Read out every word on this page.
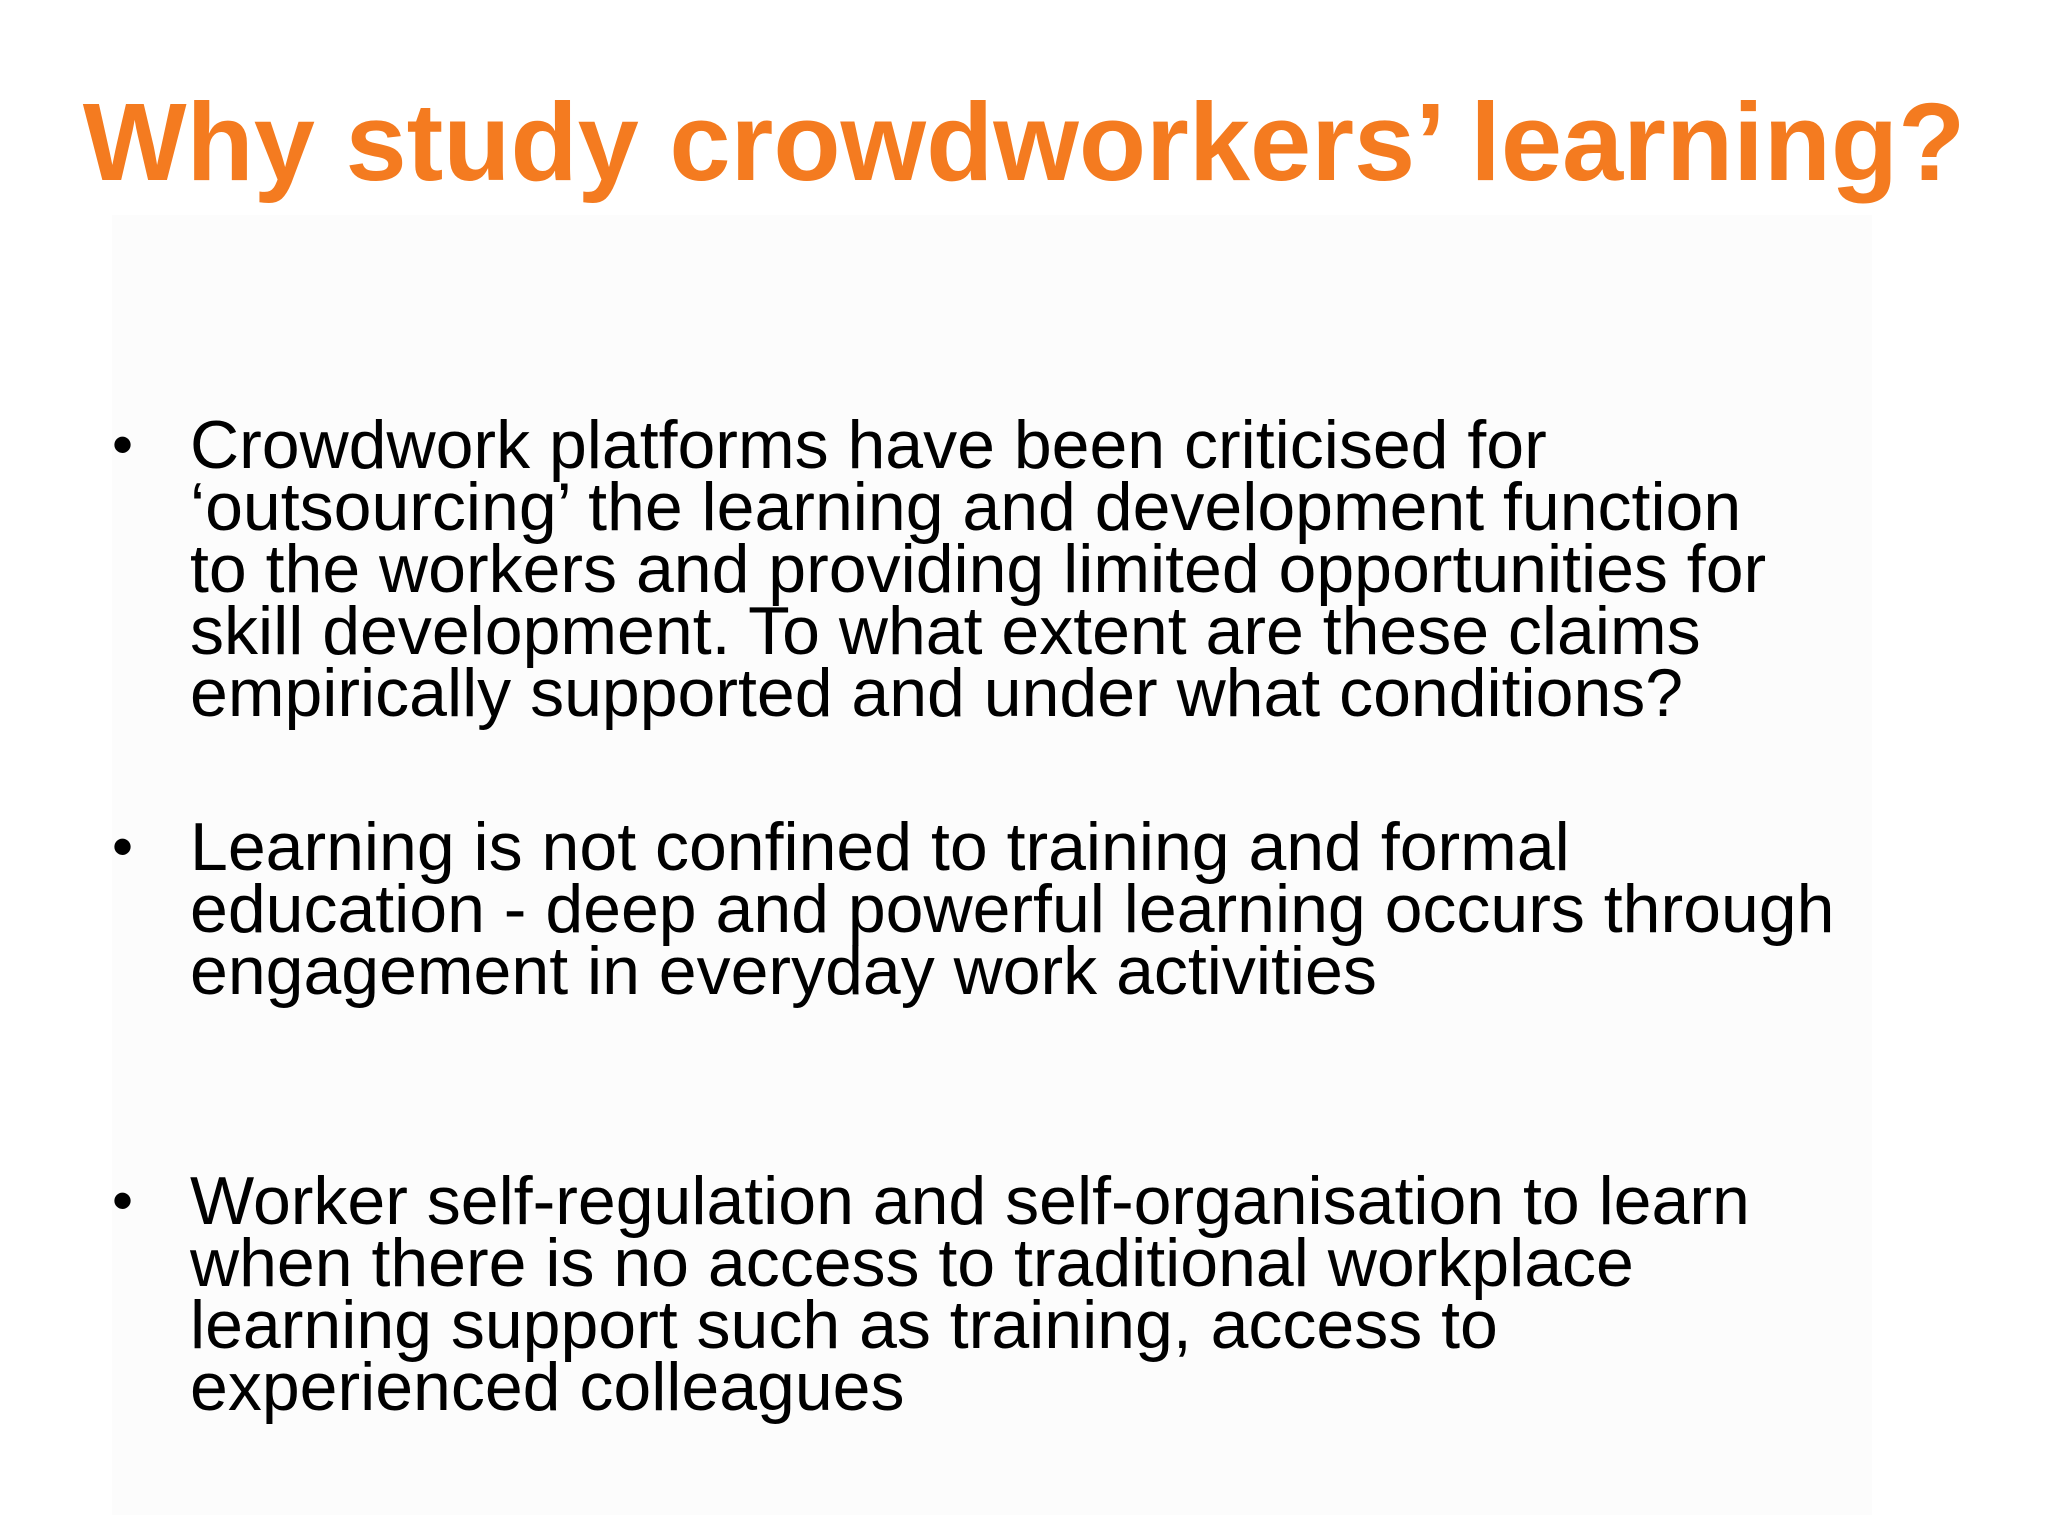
Why study crowdworkers’ learning?
• Crowdwork platforms have been criticised for
‘outsourcing’ the learning and development function
to the workers and providing limited opportunities for
skill development. To what extent are these claims
empirically supported and under what conditions?
• Learning is not confined to training and formal
education - deep and powerful learning occurs through
engagement in everyday work activities
• Worker self-regulation and self-organisation to learn
when there is no access to traditional workplace
learning support such as training, access to
experienced colleagues
